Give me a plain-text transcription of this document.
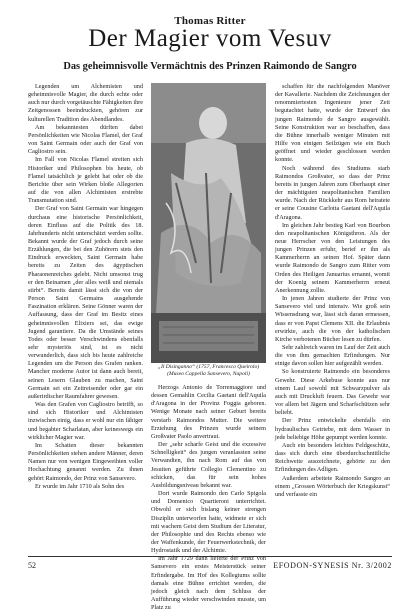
Thomas Ritter
Der Magier vom Vesuv
Das geheimnisvolle Vermächtnis des Prinzen Raimondo de Sangro

Legenden um Alchemisten und geheimnisvolle Magier, die durch echte oder auch nur durch vorgetäuschte Fähigkeiten ihre Zeitgenossen beeindruckten, gehören zur kulturellen Tradition des Abendlandes.

Am bekanntesten dürften dabei Persönlichkeiten wie Nicolas Flamel, der Graf von Saint Germain oder auch der Graf von Cagliostro sein.

Im Fall von Nicolas Flamel streiten sich Historiker und Philosophen bis heute, ob Flamel tatsächlich je gelebt hat oder ob die Berichte über sein Wirken bloße Allegorien auf die von allen Alchimisten erstrebte Transmutation sind.

Der Graf von Saint Germain war hingegen durchaus eine historische Persönlichkeit, deren Einfluss auf die Politik des 18. Jahrhunderts nicht unterschätzt werden sollte. Bekannt wurde der Graf jedoch durch seine Erzählungen, die bei den Zuhörern stets den Eindruck erweckten, Saint Germain habe bereits zu Zeiten des ägyptischen Pharaonenreiches gelebt. Nicht umsonst trug er den Beinamen „der alles weiß und niemals stirbt“. Bereits damit lässt sich die von der Person Saint Germains ausgehende Faszination erklären. Seine Gönner waren der Auffassung, dass der Graf im Besitz eines geheimnisvollen Elixiers sei, das ewige Jugend garantiere. Da die Umstände seines Todes oder besser Verschwindens ebenfalls sehr mysteriös sind, ist es nicht verwunderlich, dass sich bis heute zahlreiche Legenden um die Person des Grafen ranken. Mancher moderne Autor ist dann auch bereit, seinen Lesern Glauben zu machen, Saint Germain sei ein Zeitreisender oder gar ein außerirdischer Raumfahrer gewesen.

Was den Grafen von Cagliostro betrifft, so sind sich Historiker und Alchimisten inzwischen einig, dass er wohl nur ein fähiger und begabter Scharlatan, aber keineswegs ein wirklicher Magier war.

Im Schatten dieser bekannten Persönlichkeiten stehen andere Männer, deren Namen nur von wenigen Eingeweihten voller Hochachtung genannt werden. Zu ihnen gehört Raimondo, der Prinz von Sansevero.

Er wurde im Jahr 1710 als Sohn des

„Il Disinganno“ (1757, Francesco Queirolo)
(Museo Cappella Sansevero, Napoli)

Herzogs Antonio de Torremaggiore und dessen Gemahlin Cecilia Gaetani dell'Aquila d'Aragona in der Provinz Foggia geboren. Wenige Monate nach seiner Geburt bereits verstarb Raimondos Mutter. Die weitere Erziehung des Prinzen wurde seinem Großvater Paolo anvertraut.

Der „sehr scharfe Geist und die exzessive Schnelligkeit“ des jungen veranlassten seine Verwandten, ihn nach Rom auf das von Jesuiten geführte Collegio Clementino zu schicken, das für sein hohes Ausbildungsniveau bekannt war.

Dort wurde Raimondo den Carlo Spigola und Domenico Quartieroni unterrichtet. Obwohl er sich bislang keiner strengen Disziplin unterworfen hatte, widmete er sich mit wachem Geist dem Studium der Literatur, der Philosophie und des Rechts ebenso wie der Waffenkunde, der Feuerwerkstechnik, der Hydrostatik und der Alchimie.

Im Jahr 1729 dann lieferte der Prinz von Sansevero ein erstes Meisterstück seiner Erfindergabe. Im Hof des Kollegiums sollte damals eine Bühne errichtet werden, die jedoch gleich nach dem Schluss der Aufführung wieder verschwinden musste, um Platz zu

schaffen für die nachfolgenden Manöver der Kavallerie. Nachdem die Zeichnungen der renommiertesten Ingenieure jener Zeit begutachtet hatte, wurde der Entwurf des jungen Raimondo de Sangro ausgewählt. Seine Konstruktion war so beschaffen, dass die Bühne innerhalb weniger Minuten mit Hilfe von einigen Seilzügen wie ein Buch geöffnet und wieder geschlossen werden konnte.

Noch während des Studiums starb Raimondos Großvater, so dass der Prinz bereits in jungen Jahren zum Oberhaupt einer der mächtigsten neapolitanischen Familien wurde. Nach der Rückkehr aus Rom heiratete er seine Cousine Carlotta Gaetani dell'Aquila d'Aragona.

Im gleichen Jahr bestieg Karl von Bourbon den neapolitanischen Königsthron. Als der neue Herrscher von den Leistungen des jungen Prinzen erfuhr, berief er ihn als Kammerherrn an seinen Hof. Später dann wurde Raimondo de Sangro zum Ritter vom Orden des Heiligen Januarius ernannt, womit der Koenig seinem Kammerherrn erneut Anerkennung zollte.

In jenen Jahren studierte der Prinz von Sansevero viel und intensiv. Wie groß sein Wissensdrang war, lässt sich daran ermessen, dass er von Papst Clemens XII. die Erlaubnis erwirkte, auch die von der katholischen Kirche verbotenen Bücher lesen zu dürfen.

Sehr zahlreich waren im Lauf der Zeit auch die von ihm gemachten Erfindungen. Nur einige davon sollen hier aufgezählt werden.

So konstruierte Raimondo ein besonderes Gewehr. Diese Arkebuse konnte aus nur einem Lauf sowohl mit Schwarzpulver als auch mit Druckluft feuern. Das Gewehr war vor allem bei Jägern und Scharfschützen sehr beliebt.

Der Prinz entwickelte ebenfalls ein hydraulisches Getriebe, mit dem Wasser in jede beliebige Höhe gepumpt werden konnte.

Auch ein besonders leichtes Feldgeschütz, dass sich durch eine überdurchschnittliche Reichweite auszeichnete, gehörte zu den Erfindungen des Adligen.

Außerdem arbeitete Raimondo Sangro an einem „Grossen Wörterbuch der Kriegskunst“ und verfasste ein

52	EFODON-SYNESIS Nr. 3/2002
